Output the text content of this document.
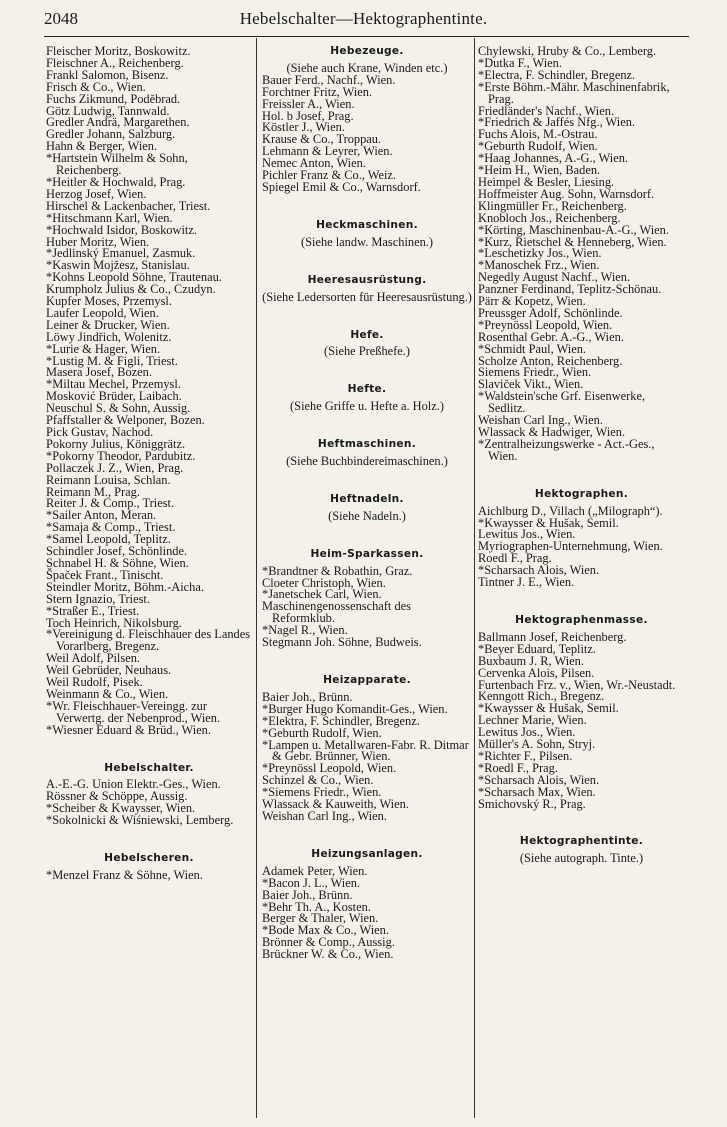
2048	Hebelschalter—Hektographentinte.
Fleischer Moritz, Boskowitz.
Fleischner A., Reichenberg.
Frankl Salomon, Bisenz.
Frisch & Co., Wien.
Fuchs Zikmund, Poděbrad.
Götz Ludwig, Tannwald.
Gredler Andrä, Margarethen.
Gredler Johann, Salzburg.
Hahn & Berger, Wien.
*Hartstein Wilhelm & Sohn, Reichenberg.
*Heitler & Hochwald, Prag.
Herzog Josef, Wien.
Hirschel & Lackenbacher, Triest.
*Hitschmann Karl, Wien.
*Hochwald Isidor, Boskowitz.
Huber Moritz, Wien.
*Jedlinský Emanuel, Zasmuk.
*Kaswin Mojžesz, Stanislau.
*Kohns Leopold Söhne, Trautenau.
Krumpholz Julius & Co., Czudyn.
Kupfer Moses, Przemysl.
Laufer Leopold, Wien.
Leiner & Drucker, Wien.
Löwy Jindřich, Wolenitz.
*Lurie & Hager, Wien.
*Lustig M. & Figli, Triest.
Masera Josef, Bozen.
*Miltau Mechel, Przemysl.
Mosković Brüder, Laibach.
Neuschul S. & Sohn, Aussig.
Pfaffstaller & Welponer, Bozen.
Pick Gustav, Nachod.
Pokorny Julius, Königgrätz.
*Pokorny Theodor, Pardubitz.
Pollaczek J. Z., Wien, Prag.
Reimann Louisa, Schlan.
Reimann M., Prag.
Reiter J. & Comp., Triest.
*Sailer Anton, Meran.
*Samaja & Comp., Triest.
*Samel Leopold, Teplitz.
Schindler Josef, Schönlinde.
Schnabel H. & Söhne, Wien.
Špaček Frant., Tinischt.
Steindler Moritz, Böhm.-Aicha.
Stern Ignazio, Triest.
*Straßer E., Triest.
Toch Heinrich, Nikolsburg.
*Vereinigung d. Fleischhauer des Landes Vorarlberg, Bregenz.
Weil Adolf, Pilsen.
Weil Gebrüder, Neuhaus.
Weil Rudolf, Pisek.
Weinmann & Co., Wien.
*Wr. Fleischhauer-Vereingg. zur Verwertg. der Nebenprod., Wien.
*Wiesner Eduard & Brüd., Wien.
Hebelschalter.
A.-E.-G. Union Elektr.-Ges., Wien.
Rössner & Schöppe, Aussig.
*Scheiber & Kwaysser, Wien.
*Sokolnicki & Wiśniewski, Lemberg.
Hebelscheren.
*Menzel Franz & Söhne, Wien.
Hebezeuge.
(Siehe auch Krane, Winden etc.)
Bauer Ferd., Nachf., Wien.
Forchtner Fritz, Wien.
Freissler A., Wien.
Hol. b Josef, Prag.
Köstler J., Wien.
Krause & Co., Troppau.
Lehmann & Leyrer, Wien.
Nemec Anton, Wien.
Pichler Franz & Co., Weiz.
Spiegel Emil & Co., Warnsdorf.
Heckmaschinen.
(Siehe landw. Maschinen.)
Heeresausrüstung.
(Siehe Ledersorten für Heeresausrüstung.)
Hefe.
(Siehe Preßhefe.)
Hefte.
(Siehe Griffe u. Hefte a. Holz.)
Heftmaschinen.
(Siehe Buchbindereimaschinen.)
Heftnadeln.
(Siehe Nadeln.)
Heim-Sparkassen.
*Brandtner & Robathin, Graz.
Cloeter Christoph, Wien.
*Janetschek Carl, Wien.
Maschinengenossenschaft des Reformklub.
*Nagel R., Wien.
Stegmann Joh. Söhne, Budweis.
Heizapparate.
Baier Joh., Brünn.
*Burger Hugo Komandit-Ges., Wien.
*Elektra, F. Schindler, Bregenz.
*Geburth Rudolf, Wien.
*Lampen u. Metallwaren-Fabr. R. Ditmar & Gebr. Brünner, Wien.
*Preynössl Leopold, Wien.
Schinzel & Co., Wien.
*Siemens Friedr., Wien.
Wlassack & Kauweith, Wien.
Weishan Carl Ing., Wien.
Heizungsanlagen.
Adamek Peter, Wien.
*Bacon J. L., Wien.
Baier Joh., Brünn.
*Behr Th. A., Kosten.
Berger & Thaler, Wien.
*Bode Max & Co., Wien.
Brönner & Comp., Aussig.
Brückner W. & Co., Wien.
Chylewski, Hruby & Co., Lemberg.
*Dutka F., Wien.
*Electra, F. Schindler, Bregenz.
*Erste Böhm.-Mähr. Maschinenfabrik, Prag.
Friedländer's Nachf., Wien.
*Friedrich & Jaffés Nfg., Wien.
Fuchs Alois, M.-Ostrau.
*Geburth Rudolf, Wien.
*Haag Johannes, A.-G., Wien.
*Heim H., Wien, Baden.
Heimpel & Besler, Liesing.
Hoffmeister Aug. Sohn, Warnsdorf.
Klingmüller Fr., Reichenberg.
Knobloch Jos., Reichenberg.
*Körting, Maschinenbau-A.-G., Wien.
*Kurz, Rietschel & Henneberg, Wien.
*Leschetizky Jos., Wien.
*Manoschek Frz., Wien.
Negedly August Nachf., Wien.
Panzner Ferdinand, Teplitz-Schönau.
Pärr & Kopetz, Wien.
Preussger Adolf, Schönlinde.
*Preynössl Leopold, Wien.
Rosenthal Gebr. A.-G., Wien.
*Schmidt Paul, Wien.
Scholze Anton, Reichenberg.
Siemens Friedr., Wien.
Slaviček Vikt., Wien.
*Waldstein'sche Grf. Eisenwerke, Sedlitz.
Weishan Carl Ing., Wien.
Wlassack & Hadwiger, Wien.
*Zentralheizungswerke - Act.-Ges., Wien.
Hektographen.
Aichlburg D., Villach („Milograph“).
*Kwaysser & Hušak, Semil.
Lewitus Jos., Wien.
Myriographen-Unternehmung, Wien.
Roedl F., Prag.
*Scharsach Alois, Wien.
Tintner J. E., Wien.
Hektographenmasse.
Ballmann Josef, Reichenberg.
*Beyer Eduard, Teplitz.
Buxbaum J. R, Wien.
Cervenka Alois, Pilsen.
Furtenbach Frz. v., Wien, Wr.-Neustadt.
Kenngott Rich., Bregenz.
*Kwaysser & Hušak, Semil.
Lechner Marie, Wien.
Lewitus Jos., Wien.
Müller's A. Sohn, Stryj.
*Richter F., Pilsen.
*Roedl F., Prag.
*Scharsach Alois, Wien.
*Scharsach Max, Wien.
Smichovský R., Prag.
Hektographentinte.
(Siehe autograph. Tinte.)
